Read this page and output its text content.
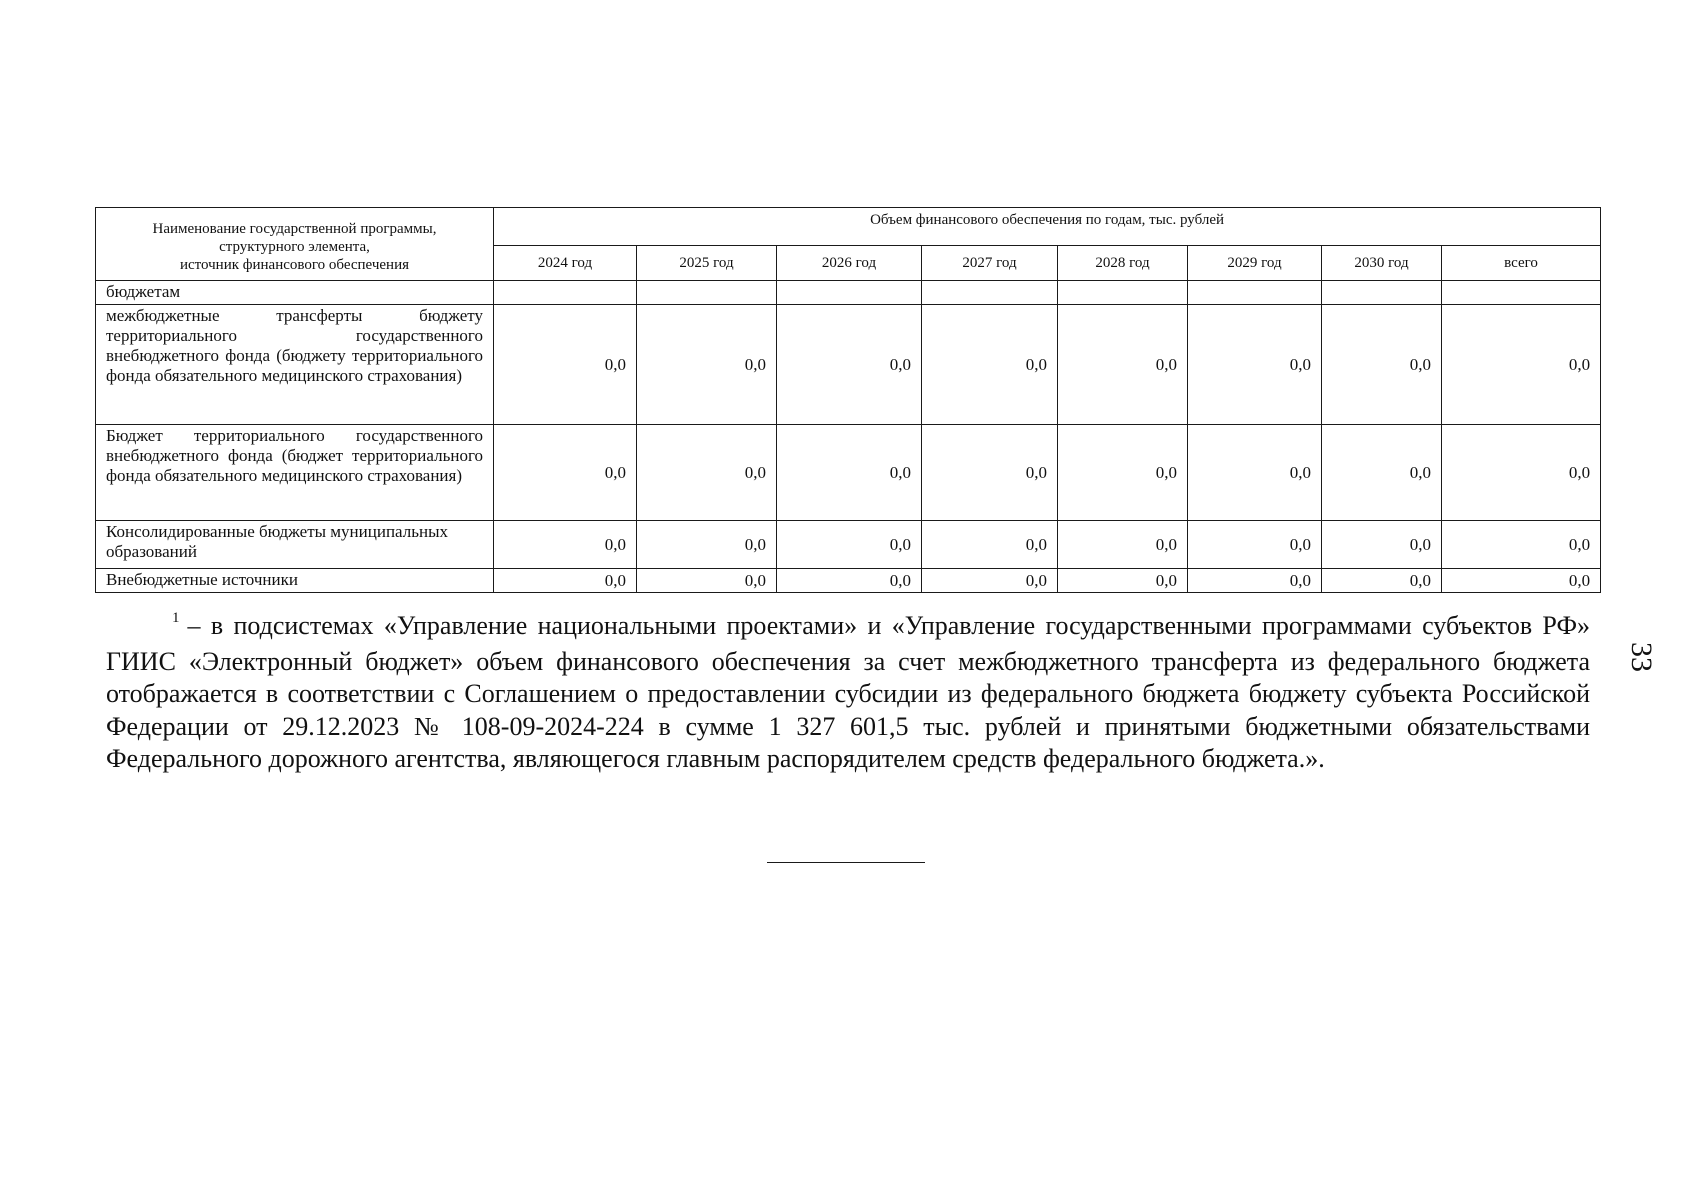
Наименование государственной программы,
структурного элемента,
источник финансового обеспечения	Объем финансового обеспечения по годам, тыс. рублей							
	2024 год	2025 год	2026 год	2027 год	2028 год	2029 год	2030 год	всего
бюджетам								
межбюджетные трансферты бюджету территориального государственного внебюджетного фонда (бюджету территориального фонда обязательного медицинского страхования)	0,0	0,0	0,0	0,0	0,0	0,0	0,0	0,0
Бюджет территориального государственного внебюджетного фонда (бюджет территориального фонда обязательного медицинского страхования)	0,0	0,0	0,0	0,0	0,0	0,0	0,0	0,0
Консолидированные бюджеты муниципальных образований	0,0	0,0	0,0	0,0	0,0	0,0	0,0	0,0
Внебюджетные источники	0,0	0,0	0,0	0,0	0,0	0,0	0,0	0,0
$^1$ – в подсистемах «Управление национальными проектами» и «Управление государственными программами субъектов РФ» ГИИС «Электронный бюджет» объем финансового обеспечения за счет межбюджетного трансферта из федерального бюджета отображается в соответствии с Соглашением о предоставлении субсидии из федерального бюджета бюджету субъекта Российской Федерации от 29.12.2023 № 108-09-2024-224 в сумме 1 327 601,5 тыс. рублей и принятыми бюджетными обязательствами Федерального дорожного агентства, являющегося главным распорядителем средств федерального бюджета.».
33
